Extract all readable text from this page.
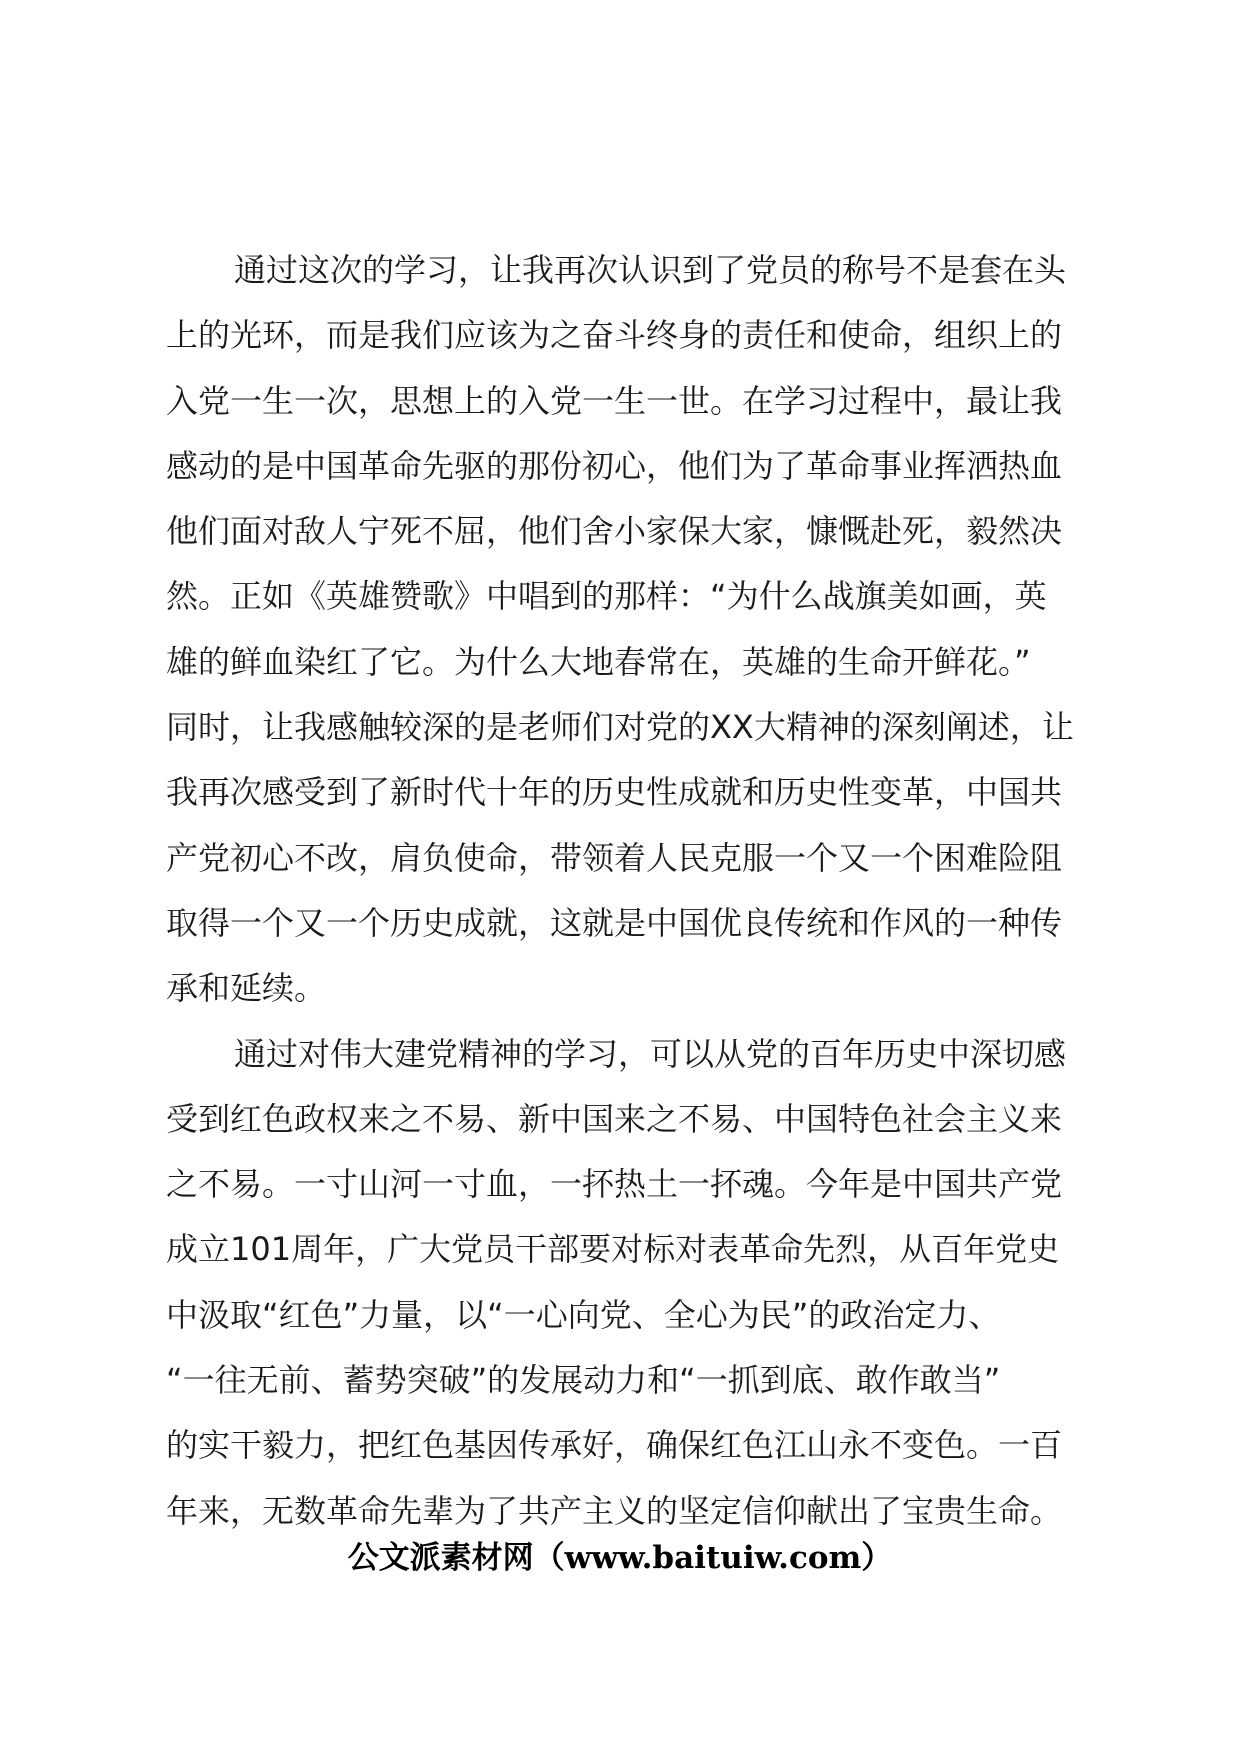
通过这次的学习，让我再次认识到了党员的称号不是套在头
上的光环，而是我们应该为之奋斗终身的责任和使命，组织上的
入党一生一次，思想上的入党一生一世。在学习过程中，最让我
感动的是中国革命先驱的那份初心，他们为了革命事业挥洒热血
他们面对敌人宁死不屈，他们舍小家保大家，慷慨赴死，毅然决
然。正如《英雄赞歌》中唱到的那样：“为什么战旗美如画，英
雄的鲜血染红了它。为什么大地春常在，英雄的生命开鲜花。”
同时，让我感触较深的是老师们对党的XX大精神的深刻阐述，让
我再次感受到了新时代十年的历史性成就和历史性变革，中国共
产党初心不改，肩负使命，带领着人民克服一个又一个困难险阻
取得一个又一个历史成就，这就是中国优良传统和作风的一种传
承和延续。
通过对伟大建党精神的学习，可以从党的百年历史中深切感
受到红色政权来之不易、新中国来之不易、中国特色社会主义来
之不易。一寸山河一寸血，一抔热土一抔魂。今年是中国共产党
成立101周年，广大党员干部要对标对表革命先烈，从百年党史
中汲取“红色”力量，以“一心向党、全心为民”的政治定力、
“一往无前、蓄势突破”的发展动力和“一抓到底、敢作敢当”
的实干毅力，把红色基因传承好，确保红色江山永不变色。一百
年来，无数革命先辈为了共产主义的坚定信仰献出了宝贵生命。
公文派素材网（www.baituiw.com）
